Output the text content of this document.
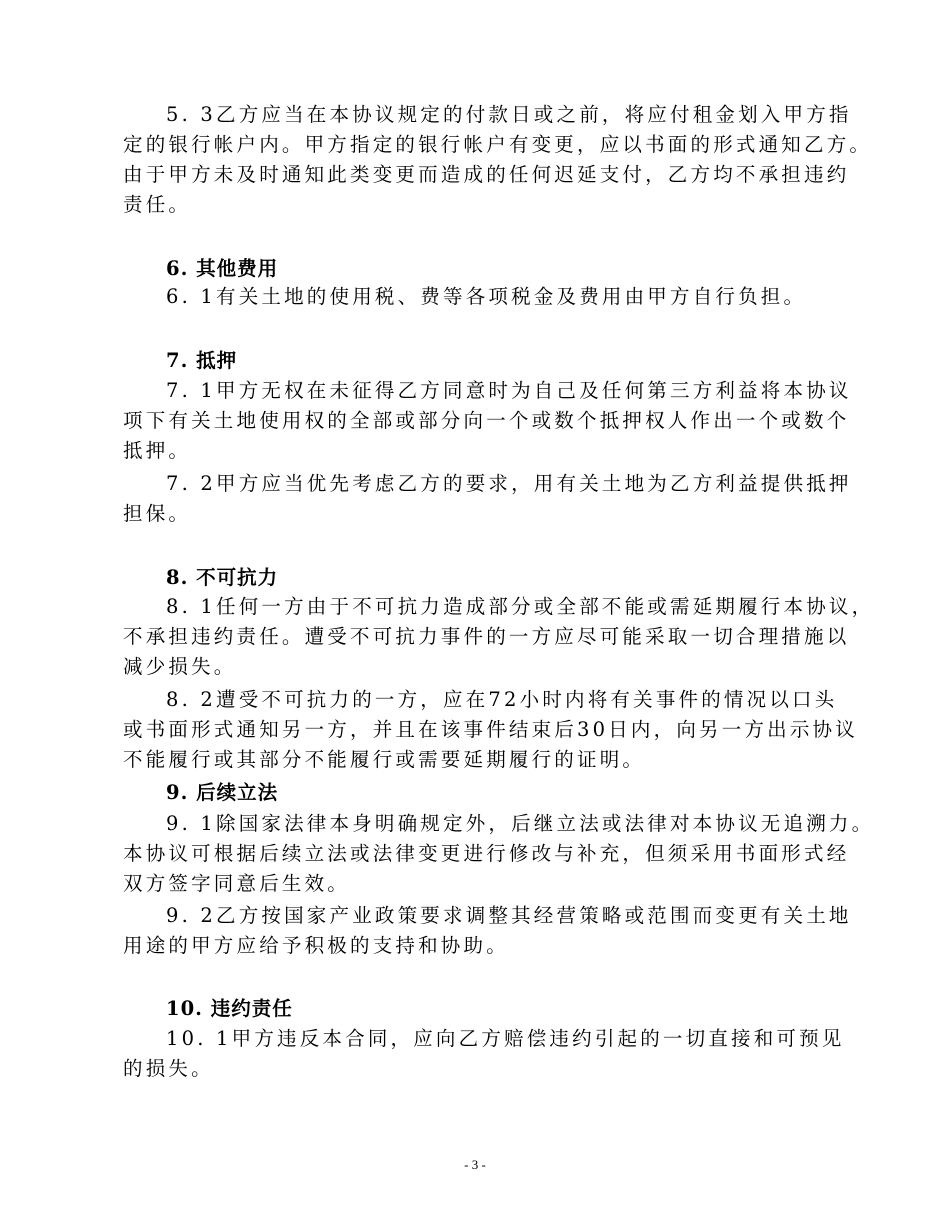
5. 3乙方应当在本协议规定的付款日或之前，将应付租金划入甲方指
定的银行帐户内。甲方指定的银行帐户有变更，应以书面的形式通知乙方。
由于甲方未及时通知此类变更而造成的任何迟延支付，乙方均不承担违约
责任。
6. 其他费用
6. 1有关土地的使用税、费等各项税金及费用由甲方自行负担。
7. 抵押
7. 1甲方无权在未征得乙方同意时为自己及任何第三方利益将本协议
项下有关土地使用权的全部或部分向一个或数个抵押权人作出一个或数个
抵押。
7. 2甲方应当优先考虑乙方的要求，用有关土地为乙方利益提供抵押
担保。
8. 不可抗力
8. 1任何一方由于不可抗力造成部分或全部不能或需延期履行本协议，
不承担违约责任。遭受不可抗力事件的一方应尽可能采取一切合理措施以
减少损失。
8. 2遭受不可抗力的一方，应在72小时内将有关事件的情况以口头
或书面形式通知另一方，并且在该事件结束后30日内，向另一方出示协议
不能履行或其部分不能履行或需要延期履行的证明。
9. 后续立法
9. 1除国家法律本身明确规定外，后继立法或法律对本协议无追溯力。
本协议可根据后续立法或法律变更进行修改与补充，但须采用书面形式经
双方签字同意后生效。
9. 2乙方按国家产业政策要求调整其经营策略或范围而变更有关土地
用途的甲方应给予积极的支持和协助。
10. 违约责任
10. 1甲方违反本合同，应向乙方赔偿违约引起的一切直接和可预见
的损失。
- 3 -
